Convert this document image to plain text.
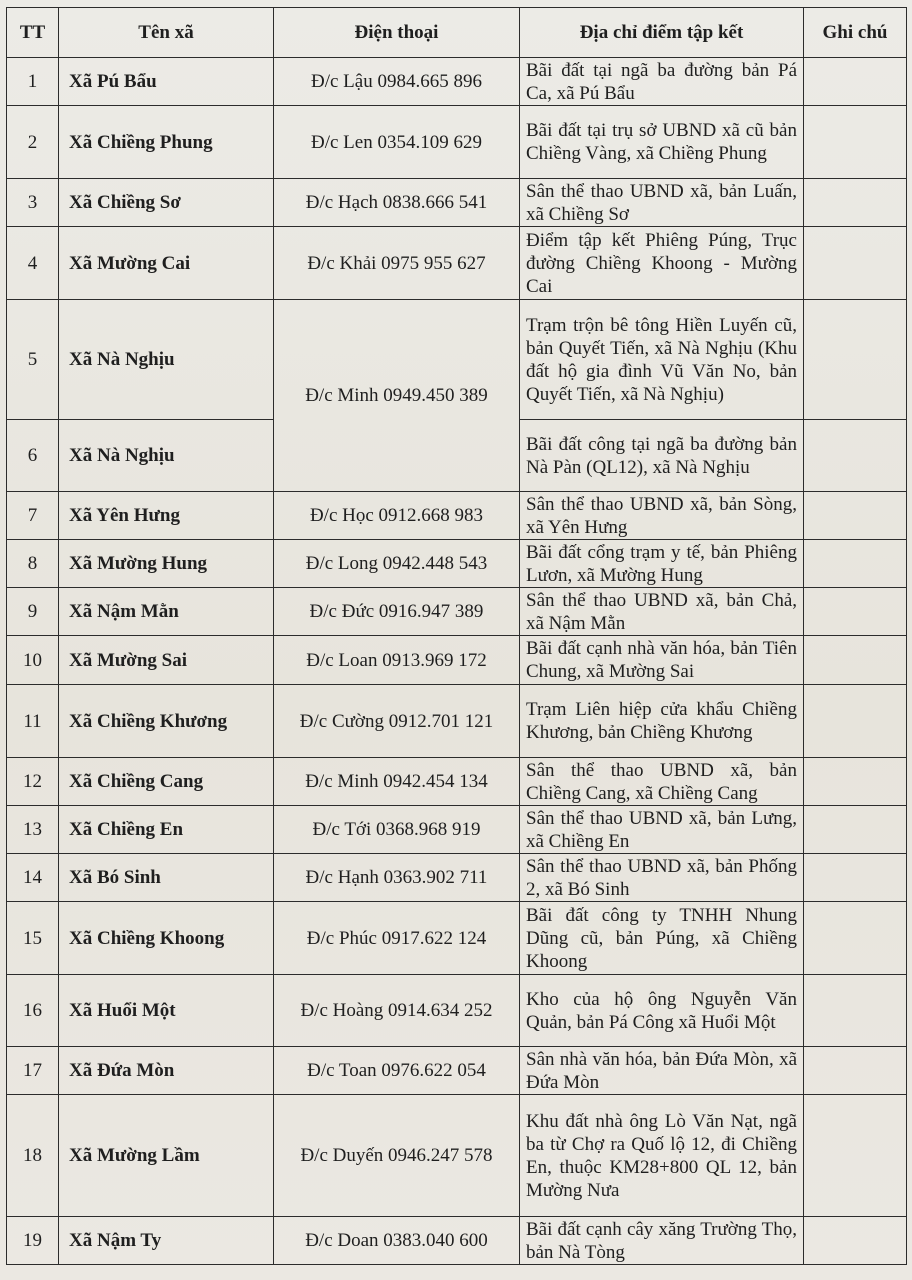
TT	Tên xã	Điện thoại	Địa chỉ điểm tập kết	Ghi chú
1	Xã Pú Bẩu	Đ/c Lậu 0984.665 896	Bãi đất tại ngã ba đường bản Pá Ca, xã Pú Bẩu	
2	Xã Chiềng Phung	Đ/c Len 0354.109 629	Bãi đất tại trụ sở UBND xã cũ bản Chiềng Vàng, xã Chiềng Phung	
3	Xã Chiềng Sơ	Đ/c Hạch 0838.666 541	Sân thể thao UBND xã, bản Luấn, xã Chiềng Sơ	
4	Xã Mường Cai	Đ/c Khải 0975 955 627	Điểm tập kết Phiêng Púng, Trục đường Chiềng Khoong - Mường Cai	
5	Xã Nà Nghịu	Đ/c Minh 0949.450 389	Trạm trộn bê tông Hiền Luyến cũ, bản Quyết Tiến, xã Nà Nghịu (Khu đất hộ gia đình Vũ Văn No, bản Quyết Tiến, xã Nà Nghịu)	
6	Xã Nà Nghịu		Bãi đất công tại ngã ba đường bản Nà Pàn (QL12), xã Nà Nghịu	
7	Xã Yên Hưng	Đ/c Học 0912.668 983	Sân thể thao UBND xã, bản Sòng, xã Yên Hưng	
8	Xã Mường Hung	Đ/c Long 0942.448 543	Bãi đất cổng trạm y tế, bản Phiêng Lươn, xã Mường Hung	
9	Xã Nậm Mằn	Đ/c Đức 0916.947 389	Sân thể thao UBND xã, bản Chả, xã Nậm Mằn	
10	Xã Mường Sai	Đ/c Loan 0913.969 172	Bãi đất cạnh nhà văn hóa, bản Tiên Chung, xã Mường Sai	
11	Xã Chiềng Khương	Đ/c Cường 0912.701 121	Trạm Liên hiệp cửa khẩu Chiềng Khương, bản Chiềng Khương	
12	Xã Chiềng Cang	Đ/c Minh 0942.454 134	Sân thể thao UBND xã, bản Chiềng Cang, xã Chiềng Cang	
13	Xã Chiềng En	Đ/c Tới 0368.968 919	Sân thể thao UBND xã, bản Lưng, xã Chiềng En	
14	Xã Bó Sinh	Đ/c Hạnh 0363.902 711	Sân thể thao UBND xã, bản Phống 2, xã Bó Sinh	
15	Xã Chiềng Khoong	Đ/c Phúc 0917.622 124	Bãi đất công ty TNHH Nhung Dũng cũ, bản Púng, xã Chiềng Khoong	
16	Xã Huổi Một	Đ/c Hoàng 0914.634 252	Kho của hộ ông Nguyễn Văn Quản, bản Pá Công xã Huổi Một	
17	Xã Đứa Mòn	Đ/c Toan 0976.622 054	Sân nhà văn hóa, bản Đứa Mòn, xã Đứa Mòn	
18	Xã Mường Lầm	Đ/c Duyến 0946.247 578	Khu đất nhà ông Lò Văn Nạt, ngã ba từ Chợ ra Quố lộ 12, đi Chiềng En, thuộc KM28+800 QL 12, bản Mường Nưa	
19	Xã Nậm Ty	Đ/c Doan 0383.040 600	Bãi đất cạnh cây xăng Trường Thọ, bản Nà Tòng	
